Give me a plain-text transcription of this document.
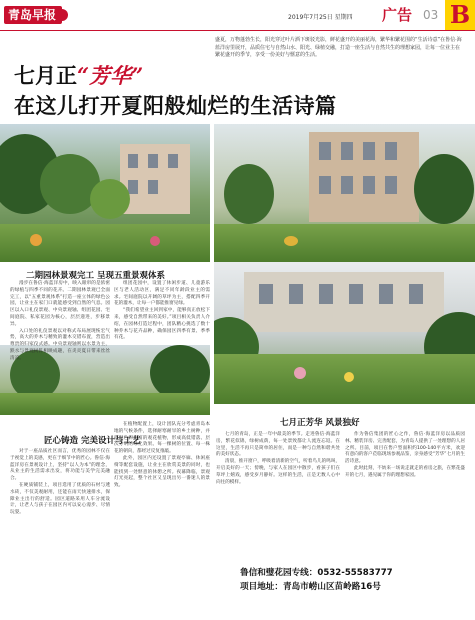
青岛早报	2019年7月25日 星期四 广告 03 B
盛夏，万物蓬勃生长，阳光穿过叶片洒下斑驳光影，鲜花盛开的美丽花海，繁华和繁花围的“生活诗意”在鲁信·海蓝洋房里展开，品质住宅与自然山水、阳光、绿植交融，打造一座生活与自然共生的理想家园，让每一位业主在繁花盛开的季节，享受一份美好与惬意的生活。
七月正“芳华”
在这儿打开夏阳般灿烂的生活诗篇
二期园林景观完工 呈现五重景观体系

漫步在鲁信·海蓝洋房中，映入眼帘的是浓密的绿植与四季不同的花卉。二期园林景观已全面完工，以“五重景观体系”打造一座立体的绿色公园，让业主在家门口就能感受到自然的气息。园区以入口礼仪景观、中央景观轴、组团花园、宅间庭院、私家花园为核心，层层递进，步移景异。

入口处的礼仪景观以对称式布局展现恢宏气势，高大的乔木与精致的灌木交错布置，营造出尊贵的归家仪式感。中央景观轴则以水景为主，跌水与景观树阵相映成趣，在炎炎夏日带来丝丝清凉。

组团花园中，设置了休闲步道、儿童游乐区与老人活动区，满足不同年龄段业主的需求。宅间庭院以开阔的草坪为主，搭配四季开花的灌木，让每一户都能推窗见绿。

“我们希望业主回到家中，能够真正放松下来，感受自然带来的美好。”项目相关负责人介绍，在园林打造过程中，团队精心挑选了数十种乔木与花卉品种，确保园区四季有景、季季有花。

匠心铸造 完美设计与工艺

对于一座品质社区而言，优秀的园林不仅在于视觉上的美感，更在于细节中的匠心。鲁信·海蓝洋房在景观设计上，坚持“以人为本”的理念，从业主的生活需求出发，将功能与美学完美融合。

在硬质铺装上，项目选用了优质的石材与透水砖，不仅美观耐用，还能在雨天快速排水，保障业主出行的舒适。园区道路采用人车分流设计，让老人与孩子在园区内可以安心漫步、尽情玩耍。

在植物配置上，设计团队充分考虑青岛本地的气候条件，选择耐寒耐旱的乡土树种，并搭配色彩丰富的观花植物，形成高低错落、层次分明的绿化效果。每一棵树的位置、每一株花的朝向，都经过反复推敲。

此外，园区内还设置了景观亭廊、休闲座椅等配套设施，让业主在欣赏美景的同时，也能找到一处惬意的休憩之所。夜幕降临，景观灯光亮起，整个社区又呈现出另一番迷人的景致。

七月正芳华 风景独好

七月的青岛，正是一年中最美的季节。走进鲁信·海蓝洋房，繁花似锦，绿树成荫，每一处景致都让人流连忘返。在这里，生活不再只是简单的居住，而是一种与自然和谐共处的美好状态。

清晨，推开窗户，呼吸着清新的空气，听着鸟儿的鸣叫，开启美好的一天；傍晚，与家人在园区中散步，看孩子们在草坪上嬉戏，感受岁月静好。这样的生活，正是无数人心中向往的模样。

作为鲁信集团的匠心之作，鲁信·海蓝洋房以品质园林、精装洋房、完善配套，为青岛人提供了一处理想的人居之所。目前，项目在售户型面积约100-140平方米，欢迎有意向的客户莅临现场参观品鉴，亲身感受“芳华”七月的生活诗意。

此时此刻，不妨来一场说走就走的看房之旅，在繁花盛开的七月，遇见属于你的理想家园。

鲁信和璧花园专线：0532-55583777
项目地址：青岛市崂山区苗岭路16号
